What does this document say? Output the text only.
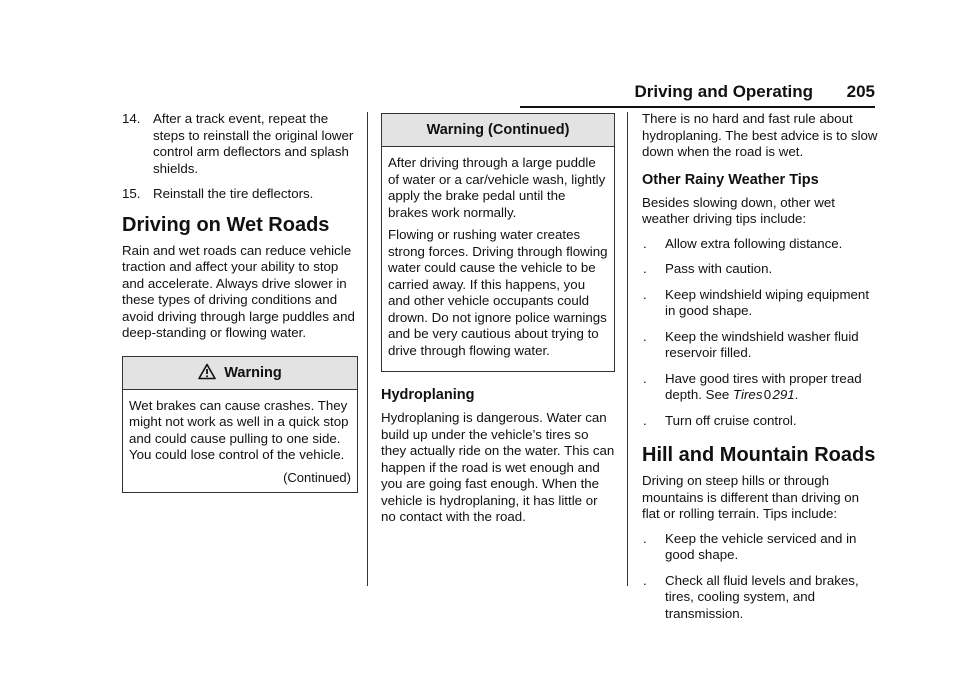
Driving and Operating 205
14. After a track event, repeat the steps to reinstall the original lower control arm deflectors and splash shields.
15. Reinstall the tire deflectors.
Driving on Wet Roads

Rain and wet roads can reduce vehicle traction and affect your ability to stop and accelerate. Always drive slower in these types of driving conditions and avoid driving through large puddles and deep-standing or flowing water.

Warning

Wet brakes can cause crashes. They might not work as well in a quick stop and could cause pulling to one side. You could lose control of the vehicle.

(Continued)
Warning (Continued)

After driving through a large puddle of water or a car/vehicle wash, lightly apply the brake pedal until the brakes work normally.

Flowing or rushing water creates strong forces. Driving through flowing water could cause the vehicle to be carried away. If this happens, you and other vehicle occupants could drown. Do not ignore police warnings and be very cautious about trying to drive through flowing water.

Hydroplaning

Hydroplaning is dangerous. Water can build up under the vehicle’s tires so they actually ride on the water. This can happen if the road is wet enough and you are going fast enough. When the vehicle is hydroplaning, it has little or no contact with the road.

There is no hard and fast rule about hydroplaning. The best advice is to slow down when the road is wet.

Other Rainy Weather Tips

Besides slowing down, other wet weather driving tips include:

.	Allow extra following distance.
.	Pass with caution.
.	Keep windshield wiping equipment in good shape.
.	Keep the windshield washer fluid reservoir filled.
.	Have good tires with proper tread depth. See Tires0291.
.	Turn off cruise control.
Hill and Mountain Roads

Driving on steep hills or through mountains is different than driving on flat or rolling terrain. Tips include:

.	Keep the vehicle serviced and in good shape.
.	Check all fluid levels and brakes, tires, cooling system, and transmission.
